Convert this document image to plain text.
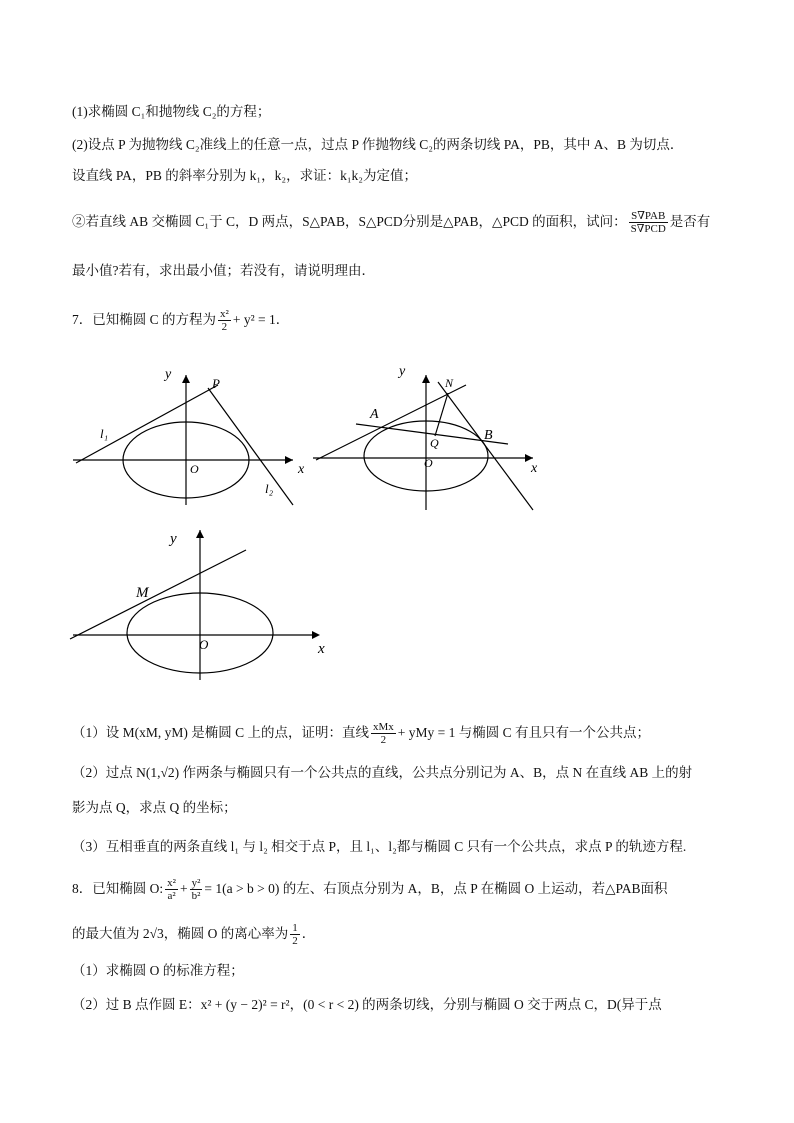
(1)求椭圆 C₁和抛物线 C₂的方程；
(2)设点 P 为抛物线 C₂准线上的任意一点，过点 P 作抛物线 C₂的两条切线 PA，PB，其中 A、B 为切点．
设直线 PA，PB 的斜率分别为 k₁，k₂，求证：k₁k₂为定值；
②若直线 AB 交椭圆 C₁于 C，D 两点，S△PAB，S△PCD分别是△PAB，△PCD 的面积，试问： $\frac{\text{S∇PAB}}{\text{S∇PCD}}$ 是否有
最小值?若有，求出最小值；若没有，请说明理由．
7．已知椭圆 C 的方程为 $\frac{\text{x²}}{2} + y^2 = 1$．
x
y
O
P
l₁
l₂
x
y
O
N
A
B
Q
x
y
O
M
（1）设 M(xM, yM) 是椭圆 C 上的点，证明：直线 $\frac{\text{xMx}}{2}$ + yMy = 1 与椭圆 C 有且只有一个公共点；
（2）过点 N(1,√2) 作两条与椭圆只有一个公共点的直线，公共点分别记为 A、B，点 N 在直线 AB 上的射
影为点 Q，求点 Q 的坐标；
（3）互相垂直的两条直线 l₁ 与 l₂ 相交于点 P，且 l₁、l₂都与椭圆 C 只有一个公共点，求点 P 的轨迹方程.
8．已知椭圆 O: $\frac{\text{x²}}{\text{a²}} + \frac{\text{y²}}{\text{b²}} = 1(a > b > 0)$ 的左、右顶点分别为 A，B，点 P 在椭圆 O 上运动，若△PAB面积
的最大值为 2√3，椭圆 O 的离心率为 $\frac{1}{2}$ ．
（1）求椭圆 O 的标准方程；
（2）过 B 点作圆 E：x² + (y − 2)² = r²，(0 < r < 2) 的两条切线，分别与椭圆 O 交于两点 C，D(异于点
